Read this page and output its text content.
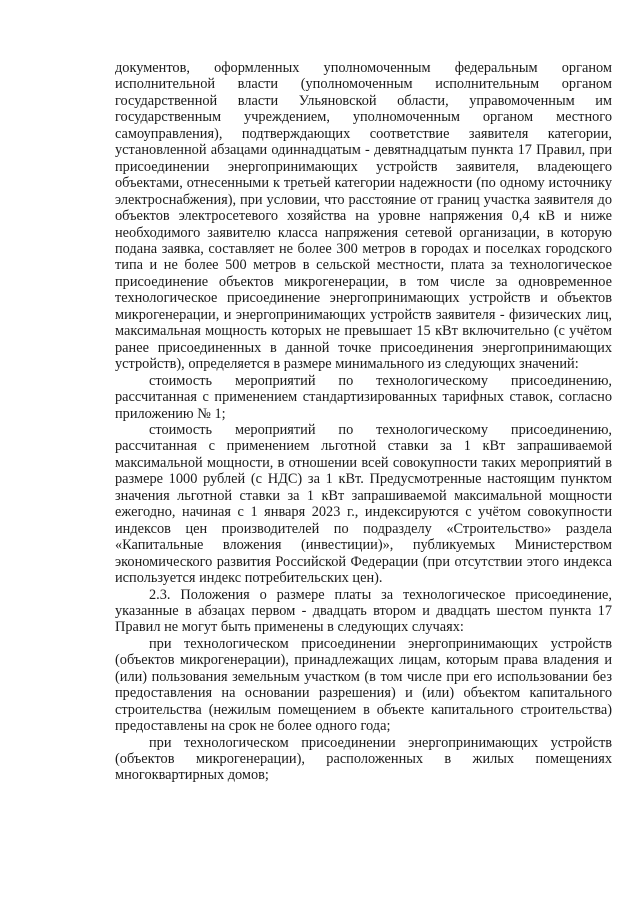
документов, оформленных уполномоченным федеральным органом исполнительной власти (уполномоченным исполнительным органом государственной власти Ульяновской области, управомоченным им государственным учреждением, уполномоченным органом местного самоуправления), подтверждающих соответствие заявителя категории, установленной абзацами одиннадцатым - девятнадцатым пункта 17 Правил, при присоединении энергопринимающих устройств заявителя, владеющего объектами, отнесенными к третьей категории надежности (по одному источнику электроснабжения), при условии, что расстояние от границ участка заявителя до объектов электросетевого хозяйства на уровне напряжения 0,4 кВ и ниже необходимого заявителю класса напряжения сетевой организации, в которую подана заявка, составляет не более 300 метров в городах и поселках городского типа и не более 500 метров в сельской местности, плата за технологическое присоединение объектов микрогенерации, в том числе за одновременное технологическое присоединение энергопринимающих устройств и объектов микрогенерации, и энергопринимающих устройств заявителя - физических лиц, максимальная мощность которых не превышает 15 кВт включительно (с учётом ранее присоединенных в данной точке присоединения энергопринимающих устройств), определяется в размере минимального из следующих значений:

стоимость мероприятий по технологическому присоединению, рассчитанная с применением стандартизированных тарифных ставок, согласно приложению № 1;

стоимость мероприятий по технологическому присоединению, рассчитанная с применением льготной ставки за 1 кВт запрашиваемой максимальной мощности, в отношении всей совокупности таких мероприятий в размере 1000 рублей (с НДС) за 1 кВт. Предусмотренные настоящим пунктом значения льготной ставки за 1 кВт запрашиваемой максимальной мощности ежегодно, начиная с 1 января 2023 г., индексируются с учётом совокупности индексов цен производителей по подразделу «Строительство» раздела «Капитальные вложения (инвестиции)», публикуемых Министерством экономического развития Российской Федерации (при отсутствии этого индекса используется индекс потребительских цен).

2.3. Положения о размере платы за технологическое присоединение, указанные в абзацах первом - двадцать втором и двадцать шестом пункта 17 Правил не могут быть применены в следующих случаях:

при технологическом присоединении энергопринимающих устройств (объектов микрогенерации), принадлежащих лицам, которым права владения и (или) пользования земельным участком (в том числе при его использовании без предоставления на основании разрешения) и (или) объектом капитального строительства (нежилым помещением в объекте капитального строительства) предоставлены на срок не более одного года;

при технологическом присоединении энергопринимающих устройств (объектов микрогенерации), расположенных в жилых помещениях многоквартирных домов;
